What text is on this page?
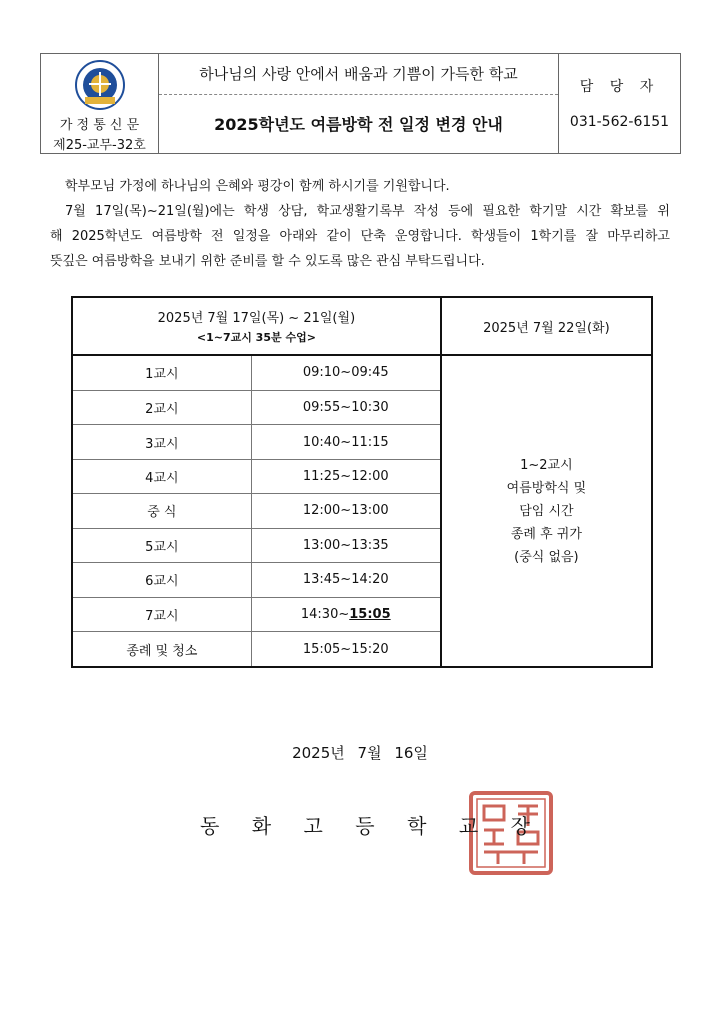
가 정 통 신 문
제25-교무-32호
하나님의 사랑 안에서 배움과 기쁨이 가득한 학교
2025학년도 여름방학 전 일정 변경 안내
담 당 자
031-562-6151

학부모님 가정에 하나님의 은혜와 평강이 함께 하시기를 기원합니다.

7월 17일(목)~21일(월)에는 학생 상담, 학교생활기록부 작성 등에 필요한 학기말 시간 확보를 위

해 2025학년도 여름방학 전 일정을 아래와 같이 단축 운영합니다. 학생들이 1학기를 잘 마무리하고

뜻깊은 여름방학을 보내기 위한 준비를 할 수 있도록 많은 관심 부탁드립니다.

2025년 7월 17일(목) ~ 21일(월)
<1~7교시 35분 수업>		2025년 7월 22일(화)
1교시	09:10~09:45	1~2교시
여름방학식 및
담임 시간
종례 후 귀가
(중식 없음)

2교시	09:55~10:30	
3교시	10:40~11:15	
4교시	11:25~12:00	
중 식	12:00~13:00	
5교시	13:00~13:35	
6교시	13:45~14:20	
7교시	14:30~15:05	
종례 및 청소	15:05~15:20	
2025년 7월 16일
동 화 고 등 학 교 장
